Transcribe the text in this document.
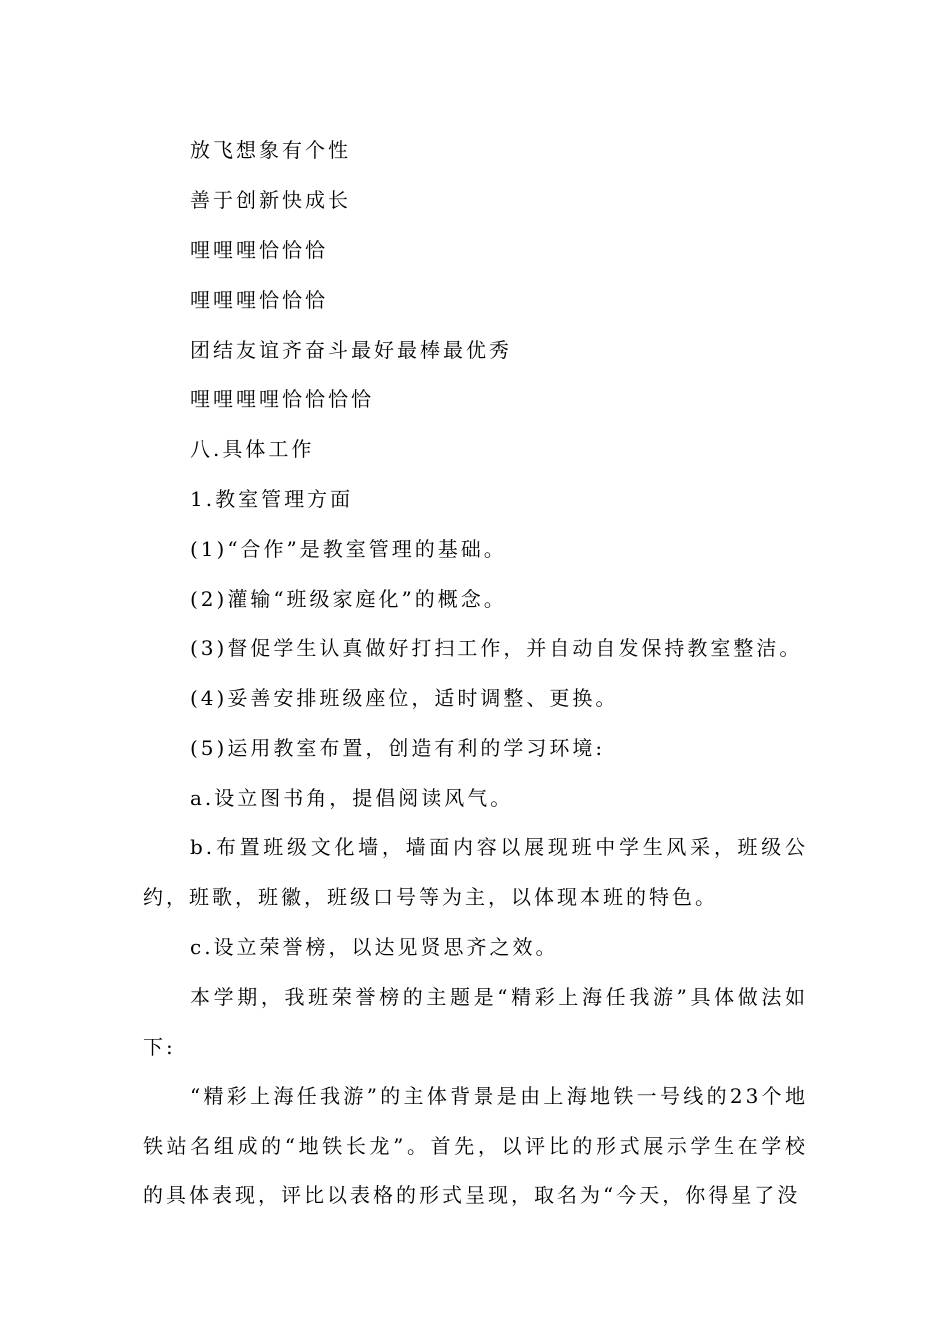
放飞想象有个性
善于创新快成长
哩哩哩恰恰恰
哩哩哩恰恰恰
团结友谊齐奋斗最好最棒最优秀
哩哩哩哩恰恰恰恰
八.具体工作
1.教室管理方面
(1)“合作”是教室管理的基础。
(2)灌输“班级家庭化”的概念。
(3)督促学生认真做好打扫工作，并自动自发保持教室整洁。
(4)妥善安排班级座位，适时调整、更换。
(5)运用教室布置，创造有利的学习环境:
a.设立图书角，提倡阅读风气。

b.布置班级文化墙，墙面内容以展现班中学生风采，班级公约，班歌，班徽，班级口号等为主，以体现本班的特色。

c.设立荣誉榜，以达见贤思齐之效。

本学期，我班荣誉榜的主题是“精彩上海任我游”具体做法如下:

“精彩上海任我游”的主体背景是由上海地铁一号线的23个地铁站名组成的“地铁长龙”。首先，以评比的形式展示学生在学校的具体表现，评比以表格的形式呈现，取名为“今天，你得星了没
